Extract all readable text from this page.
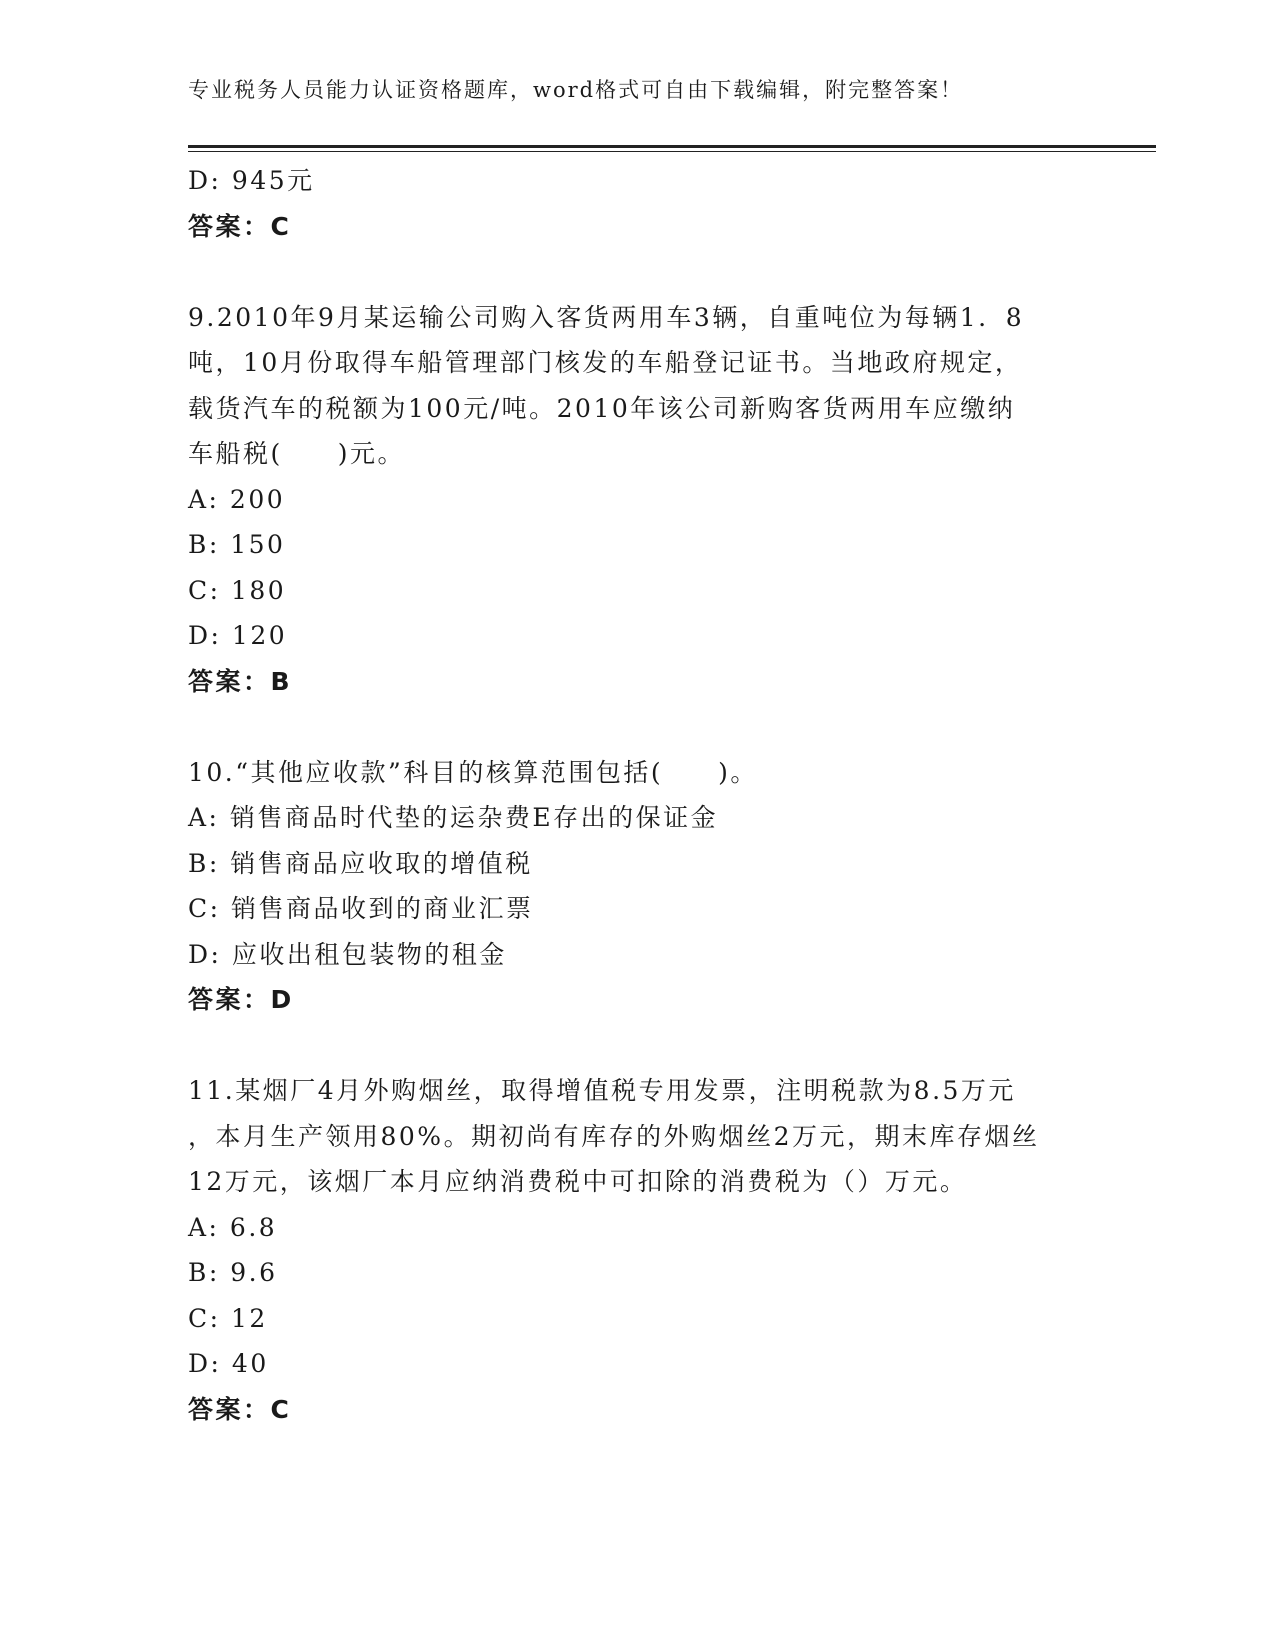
专业税务人员能力认证资格题库，word格式可自由下载编辑，附完整答案！
D: 945元
答案：C
9.2010年9月某运输公司购入客货两用车3辆，自重吨位为每辆1．8
吨，10月份取得车船管理部门核发的车船登记证书。当地政府规定，
载货汽车的税额为100元/吨。2010年该公司新购客货两用车应缴纳
车船税(　　)元。
A: 200
B: 150
C: 180
D: 120
答案：B
10.“其他应收款”科目的核算范围包括(　　)。
A: 销售商品时代垫的运杂费E存出的保证金
B: 销售商品应收取的增值税
C: 销售商品收到的商业汇票
D: 应收出租包装物的租金
答案：D
11.某烟厂4月外购烟丝，取得增值税专用发票，注明税款为8.5万元
，本月生产领用80%。期初尚有库存的外购烟丝2万元，期末库存烟丝
12万元，该烟厂本月应纳消费税中可扣除的消费税为（）万元。
A: 6.8
B: 9.6
C: 12
D: 40
答案：C
